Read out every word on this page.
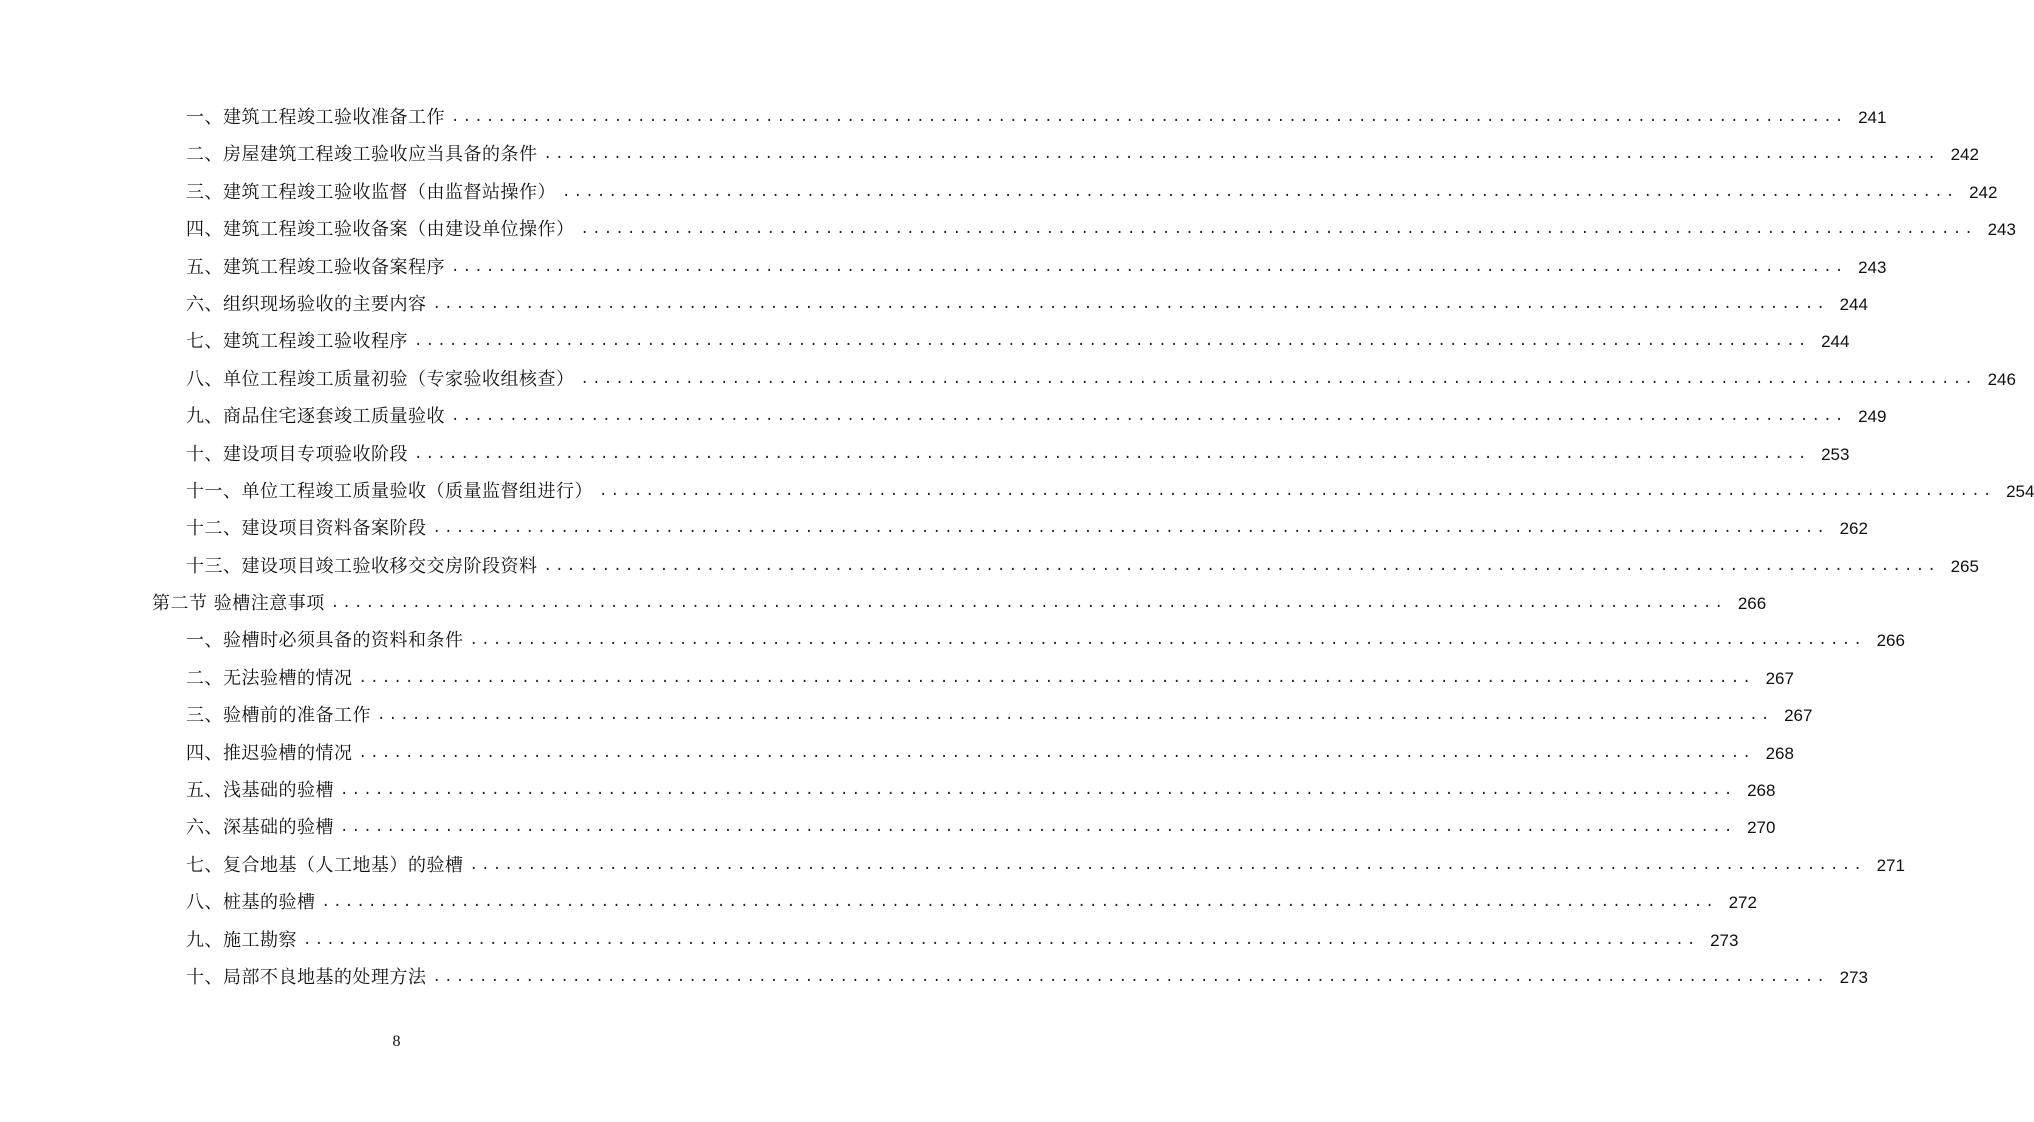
一、建筑工程竣工验收准备工作 ........................................................................................................................ 241
二、房屋建筑工程竣工验收应当具备的条件 ........................................................................................................................ 242
三、建筑工程竣工验收监督（由监督站操作） ........................................................................................................................ 242
四、建筑工程竣工验收备案（由建设单位操作） ........................................................................................................................ 243
五、建筑工程竣工验收备案程序 ........................................................................................................................ 243
六、组织现场验收的主要内容 ........................................................................................................................ 244
七、建筑工程竣工验收程序 ........................................................................................................................ 244
八、单位工程竣工质量初验（专家验收组核查） ........................................................................................................................ 246
九、商品住宅逐套竣工质量验收 ........................................................................................................................ 249
十、建设项目专项验收阶段 ........................................................................................................................ 253
十一、单位工程竣工质量验收（质量监督组进行） ........................................................................................................................ 254
十二、建设项目资料备案阶段 ........................................................................................................................ 262
十三、建设项目竣工验收移交交房阶段资料 ........................................................................................................................ 265
第二节 验槽注意事项 ........................................................................................................................ 266
一、验槽时必须具备的资料和条件 ........................................................................................................................ 266
二、无法验槽的情况 ........................................................................................................................ 267
三、验槽前的准备工作 ........................................................................................................................ 267
四、推迟验槽的情况 ........................................................................................................................ 268
五、浅基础的验槽 ........................................................................................................................ 268
六、深基础的验槽 ........................................................................................................................ 270
七、复合地基（人工地基）的验槽 ........................................................................................................................ 271
八、桩基的验槽 ........................................................................................................................ 272
九、施工勘察 ........................................................................................................................ 273
十、局部不良地基的处理方法 ........................................................................................................................ 273
8
